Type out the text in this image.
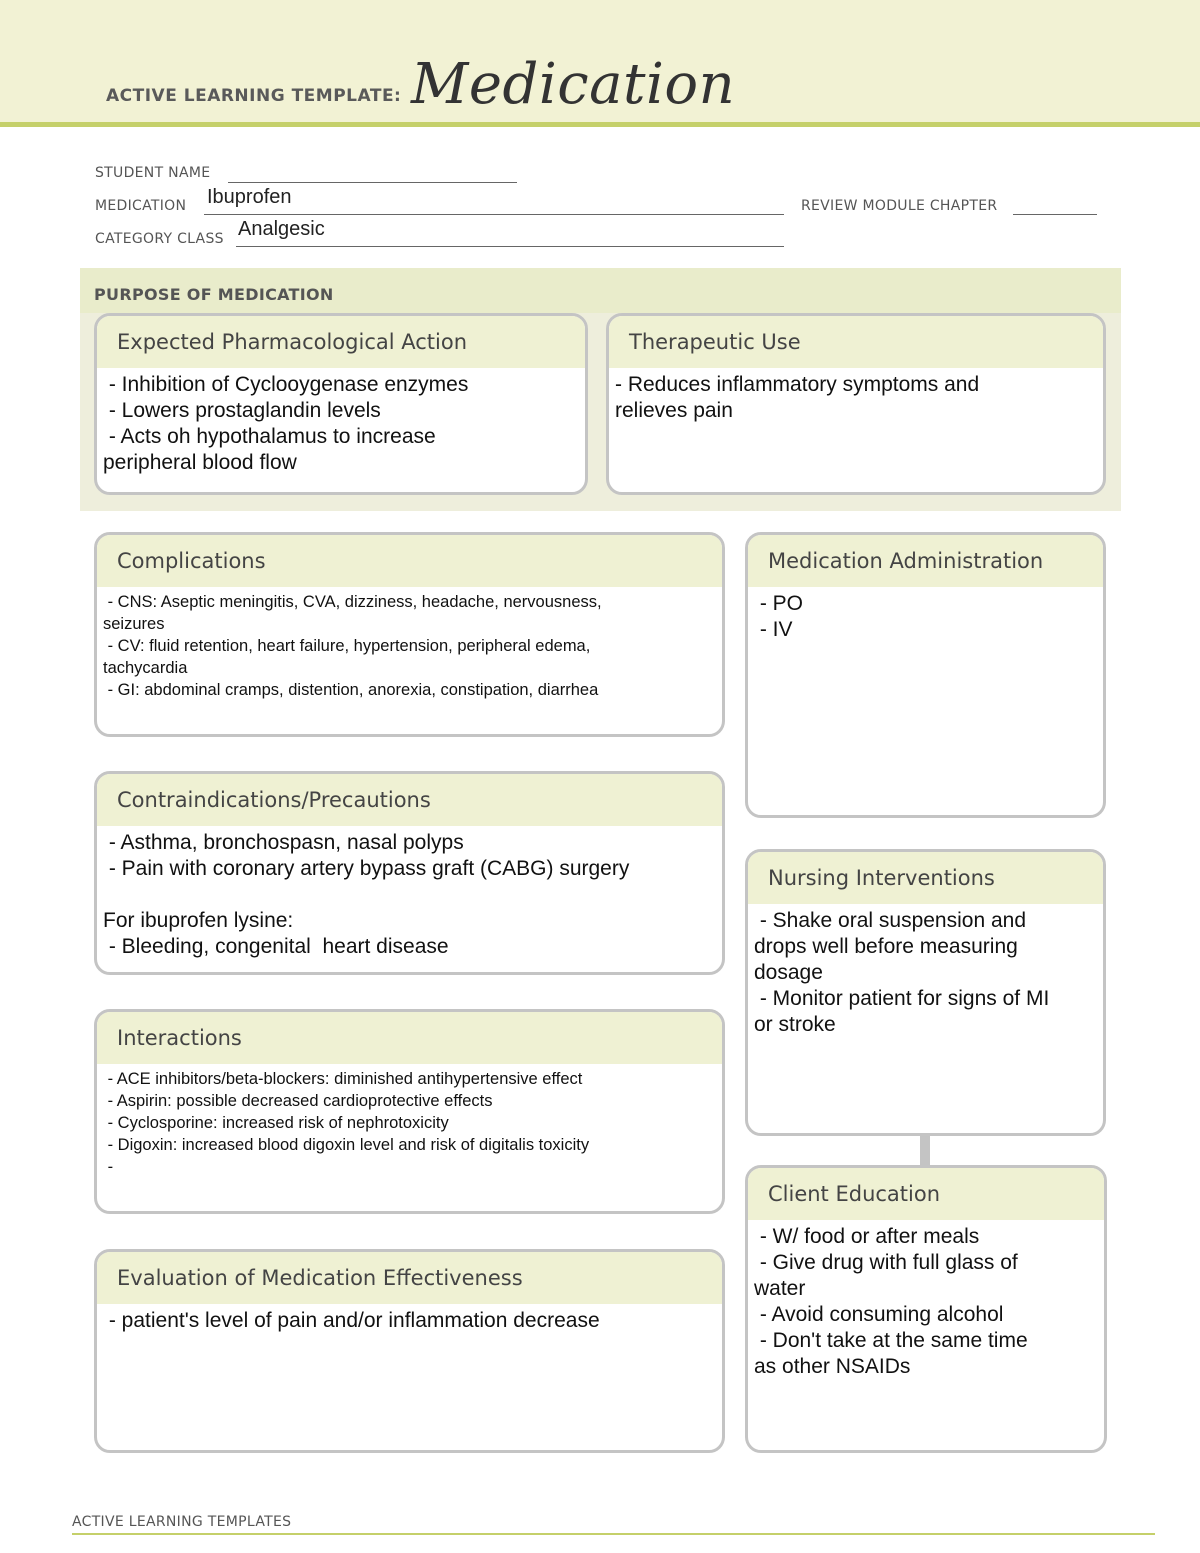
ACTIVE LEARNING TEMPLATE: Medication
STUDENT NAME
MEDICATION Ibuprofen	REVIEW MODULE CHAPTER
CATEGORY CLASS Analgesic
PURPOSE OF MEDICATION
Expected Pharmacological Action
- Inhibition of Cyclooygenase enzymes
- Lowers prostaglandin levels
- Acts oh hypothalamus to increase
peripheral blood flow
Therapeutic Use
- Reduces inflammatory symptoms and
relieves pain
Complications
- CNS: Aseptic meningitis, CVA, dizziness, headache, nervousness,
seizures
- CV: fluid retention, heart failure, hypertension, peripheral edema,
tachycardia
- GI: abdominal cramps, distention, anorexia, constipation, diarrhea
Medication Administration
- PO
- IV
Contraindications/Precautions
- Asthma, bronchospasn, nasal polyps
- Pain with coronary artery bypass graft (CABG) surgery

For ibuprofen lysine:
- Bleeding, congenital  heart disease
Nursing Interventions
- Shake oral suspension and
drops well before measuring
dosage
- Monitor patient for signs of MI
or stroke
Interactions
- ACE inhibitors/beta-blockers: diminished antihypertensive effect
- Aspirin: possible decreased cardioprotective effects
- Cyclosporine: increased risk of nephrotoxicity
- Digoxin: increased blood digoxin level and risk of digitalis toxicity
-
Client Education
- W/ food or after meals
- Give drug with full glass of
water
- Avoid consuming alcohol
- Don't take at the same time
as other NSAIDs
Evaluation of Medication Effectiveness
- patient's level of pain and/or inflammation decrease
ACTIVE LEARNING TEMPLATES
